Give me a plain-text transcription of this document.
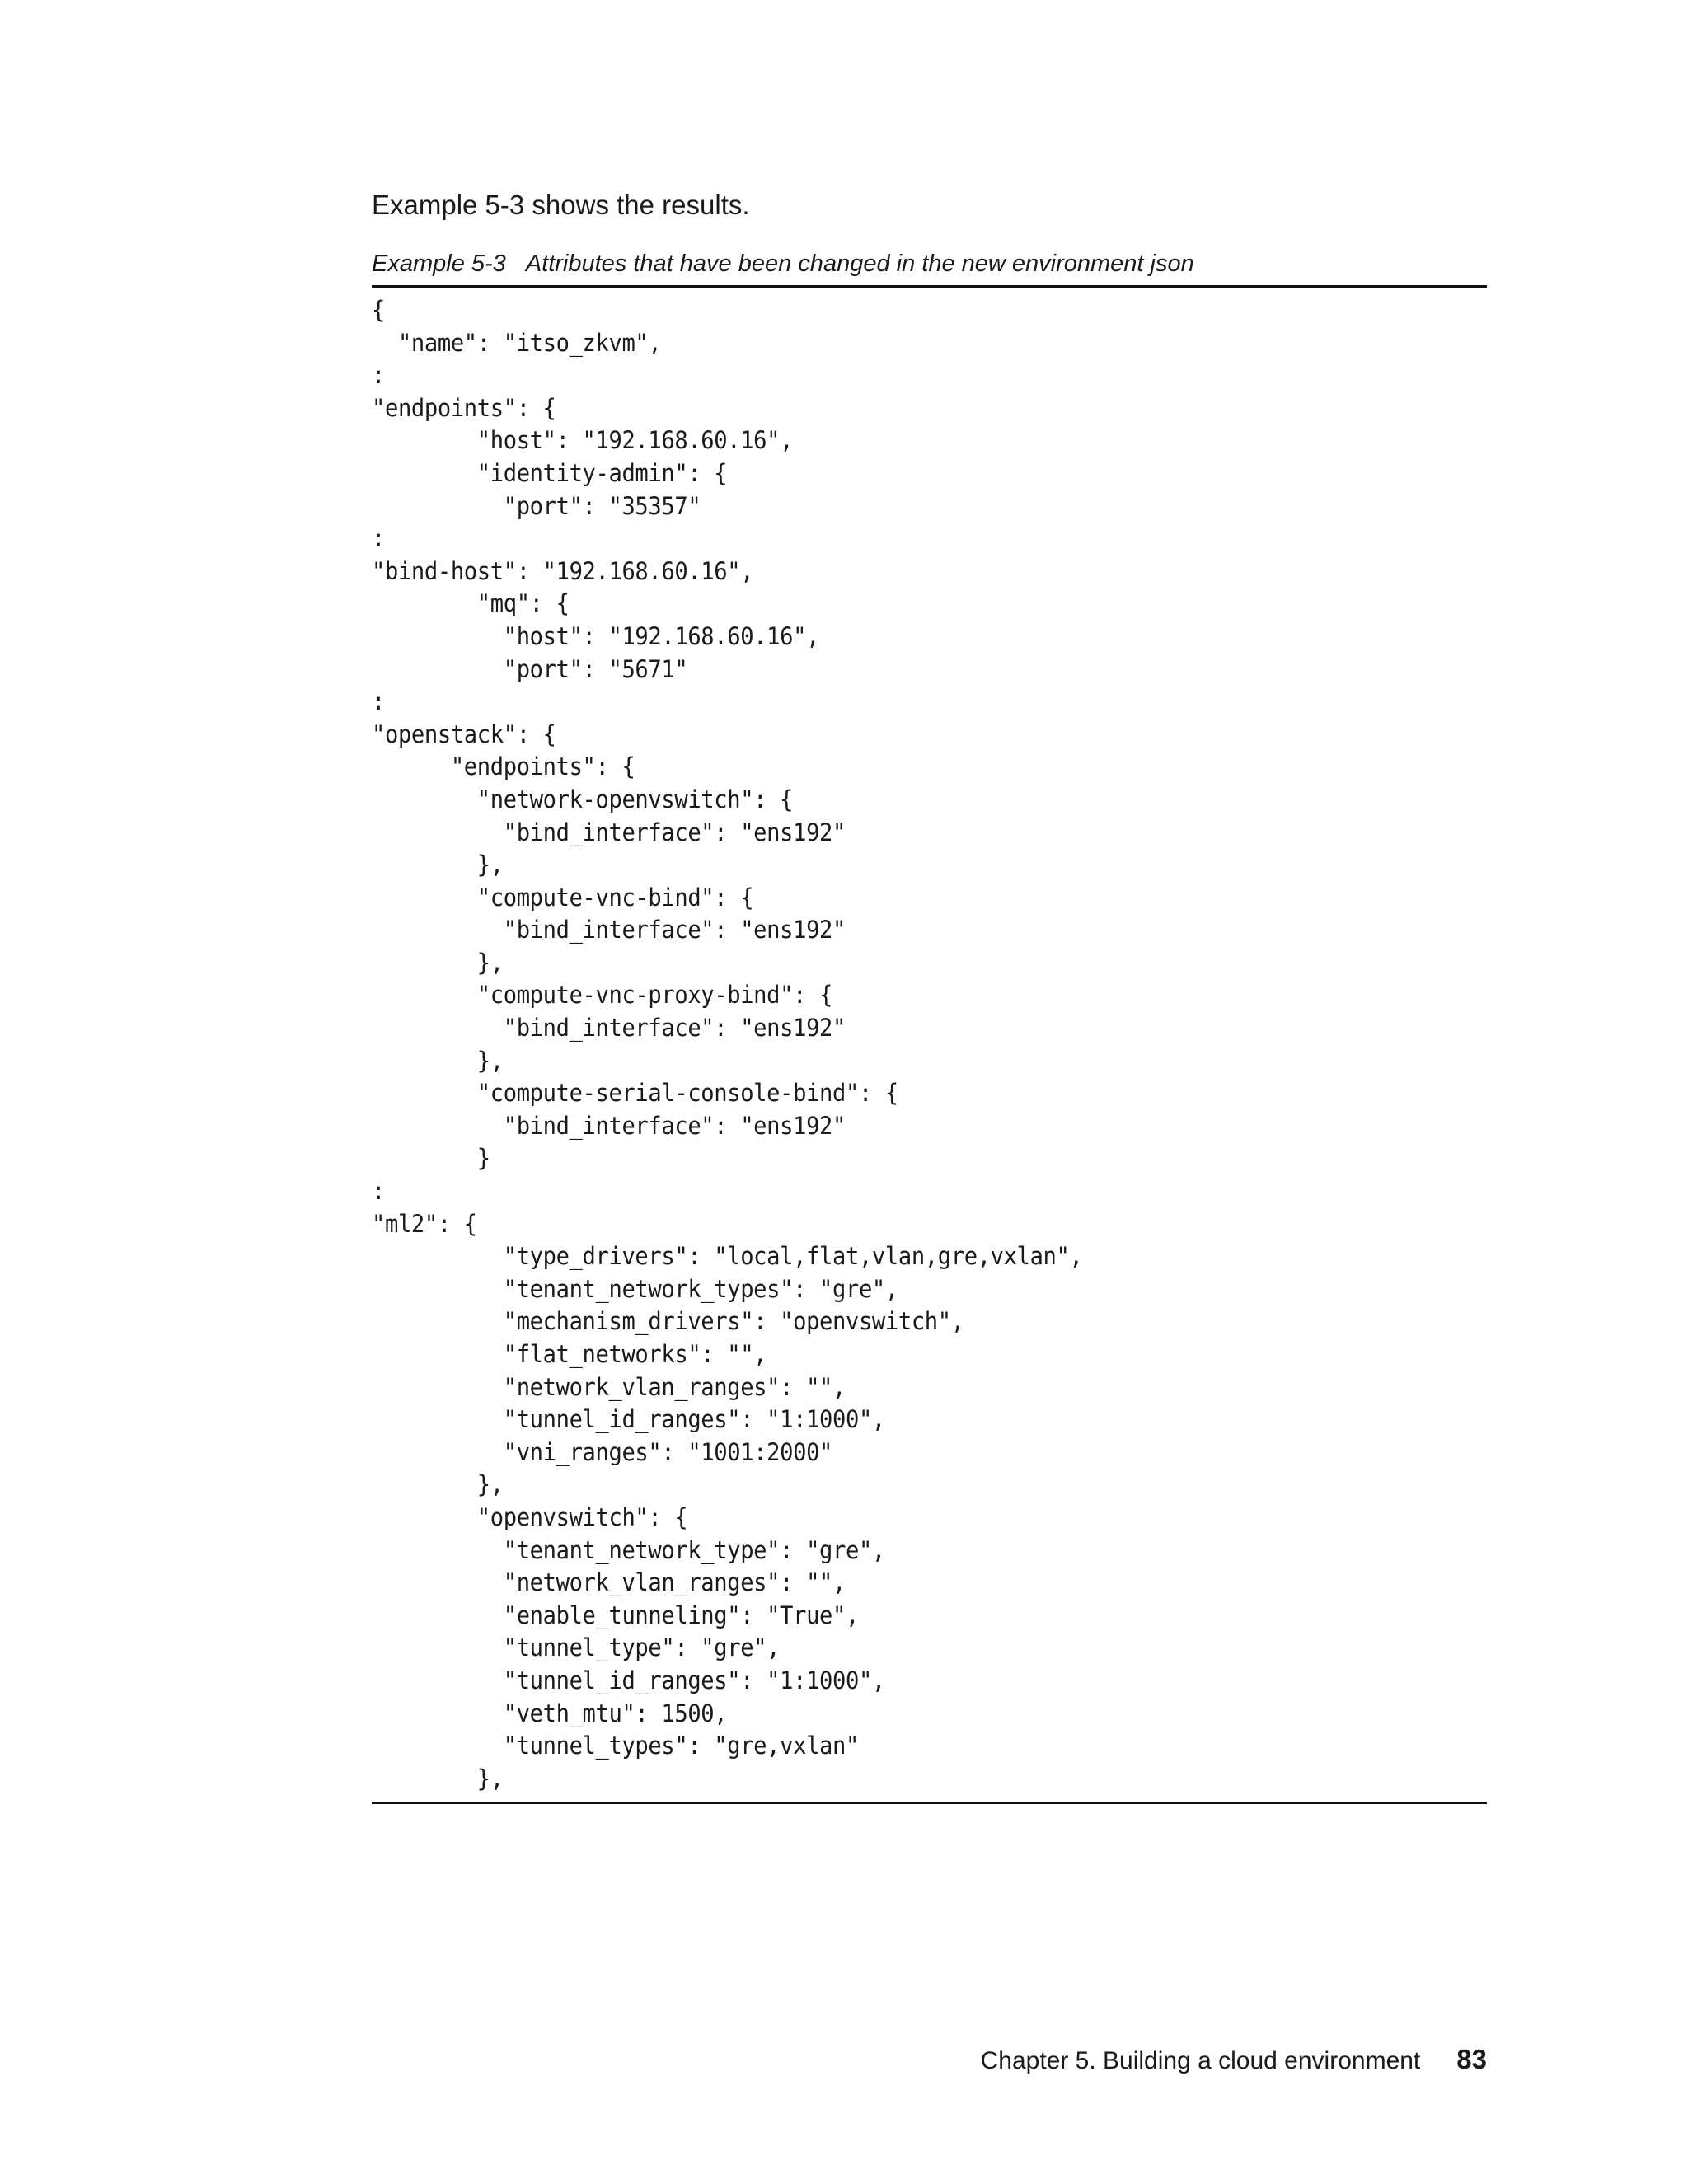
Example 5-3 shows the results.
Example 5-3 Attributes that have been changed in the new environment json
{
"name": "itso_zkvm",
:
"endpoints": {
"host": "192.168.60.16",
"identity-admin": {
"port": "35357"
:
"bind-host": "192.168.60.16",
"mq": {
"host": "192.168.60.16",
"port": "5671"
:
"openstack": {
"endpoints": {
"network-openvswitch": {
"bind_interface": "ens192"
},
"compute-vnc-bind": {
"bind_interface": "ens192"
},
"compute-vnc-proxy-bind": {
"bind_interface": "ens192"
},
"compute-serial-console-bind": {
"bind_interface": "ens192"
}
:
"ml2": {
"type_drivers": "local,flat,vlan,gre,vxlan",
"tenant_network_types": "gre",
"mechanism_drivers": "openvswitch",
"flat_networks": "",
"network_vlan_ranges": "",
"tunnel_id_ranges": "1:1000",
"vni_ranges": "1001:2000"
},
"openvswitch": {
"tenant_network_type": "gre",
"network_vlan_ranges": "",
"enable_tunneling": "True",
"tunnel_type": "gre",
"tunnel_id_ranges": "1:1000",
"veth_mtu": 1500,
"tunnel_types": "gre,vxlan"
},
Chapter 5. Building a cloud environment 83
